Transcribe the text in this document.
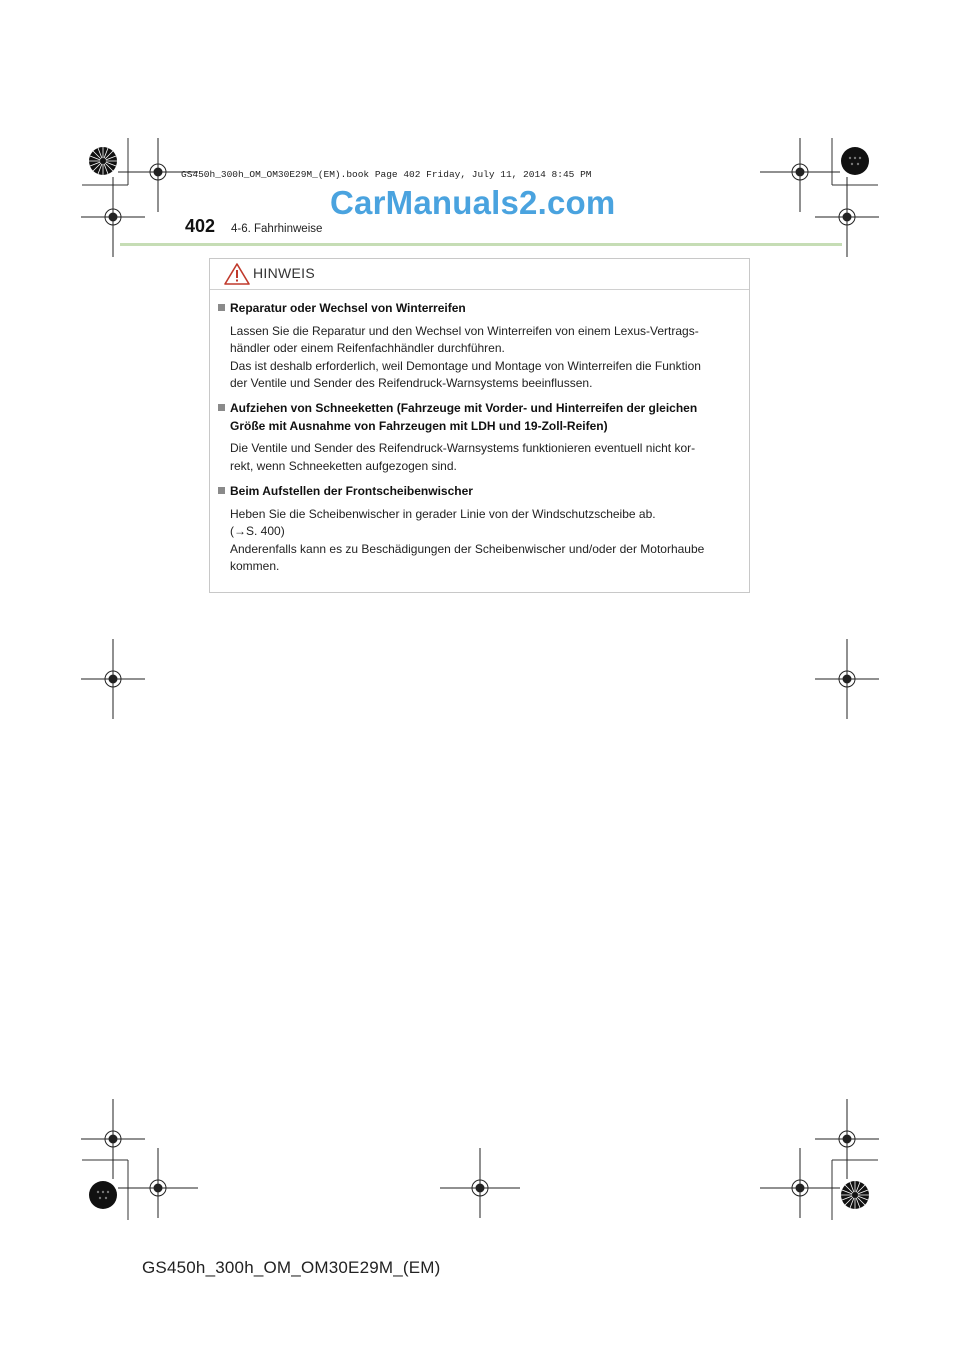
GS450h_300h_OM_OM30E29M_(EM).book Page 402 Friday, July 11, 2014 8:45 PM
CarManuals2.com
402 4-6. Fahrhinweise
HINWEIS
Reparatur oder Wechsel von Winterreifen
Lassen Sie die Reparatur und den Wechsel von Winterreifen von einem Lexus-Vertrags-
händler oder einem Reifenfachhändler durchführen.
Das ist deshalb erforderlich, weil Demontage und Montage von Winterreifen die Funktion
der Ventile und Sender des Reifendruck-Warnsystems beeinflussen.
Aufziehen von Schneeketten (Fahrzeuge mit Vorder- und Hinterreifen der gleichen
Größe mit Ausnahme von Fahrzeugen mit LDH und 19-Zoll-Reifen)
Die Ventile und Sender des Reifendruck-Warnsystems funktionieren eventuell nicht kor-
rekt, wenn Schneeketten aufgezogen sind.
Beim Aufstellen der Frontscheibenwischer
Heben Sie die Scheibenwischer in gerader Linie von der Windschutzscheibe ab.
(→S. 400)
Anderenfalls kann es zu Beschädigungen der Scheibenwischer und/oder der Motorhaube
kommen.
GS450h_300h_OM_OM30E29M_(EM)
